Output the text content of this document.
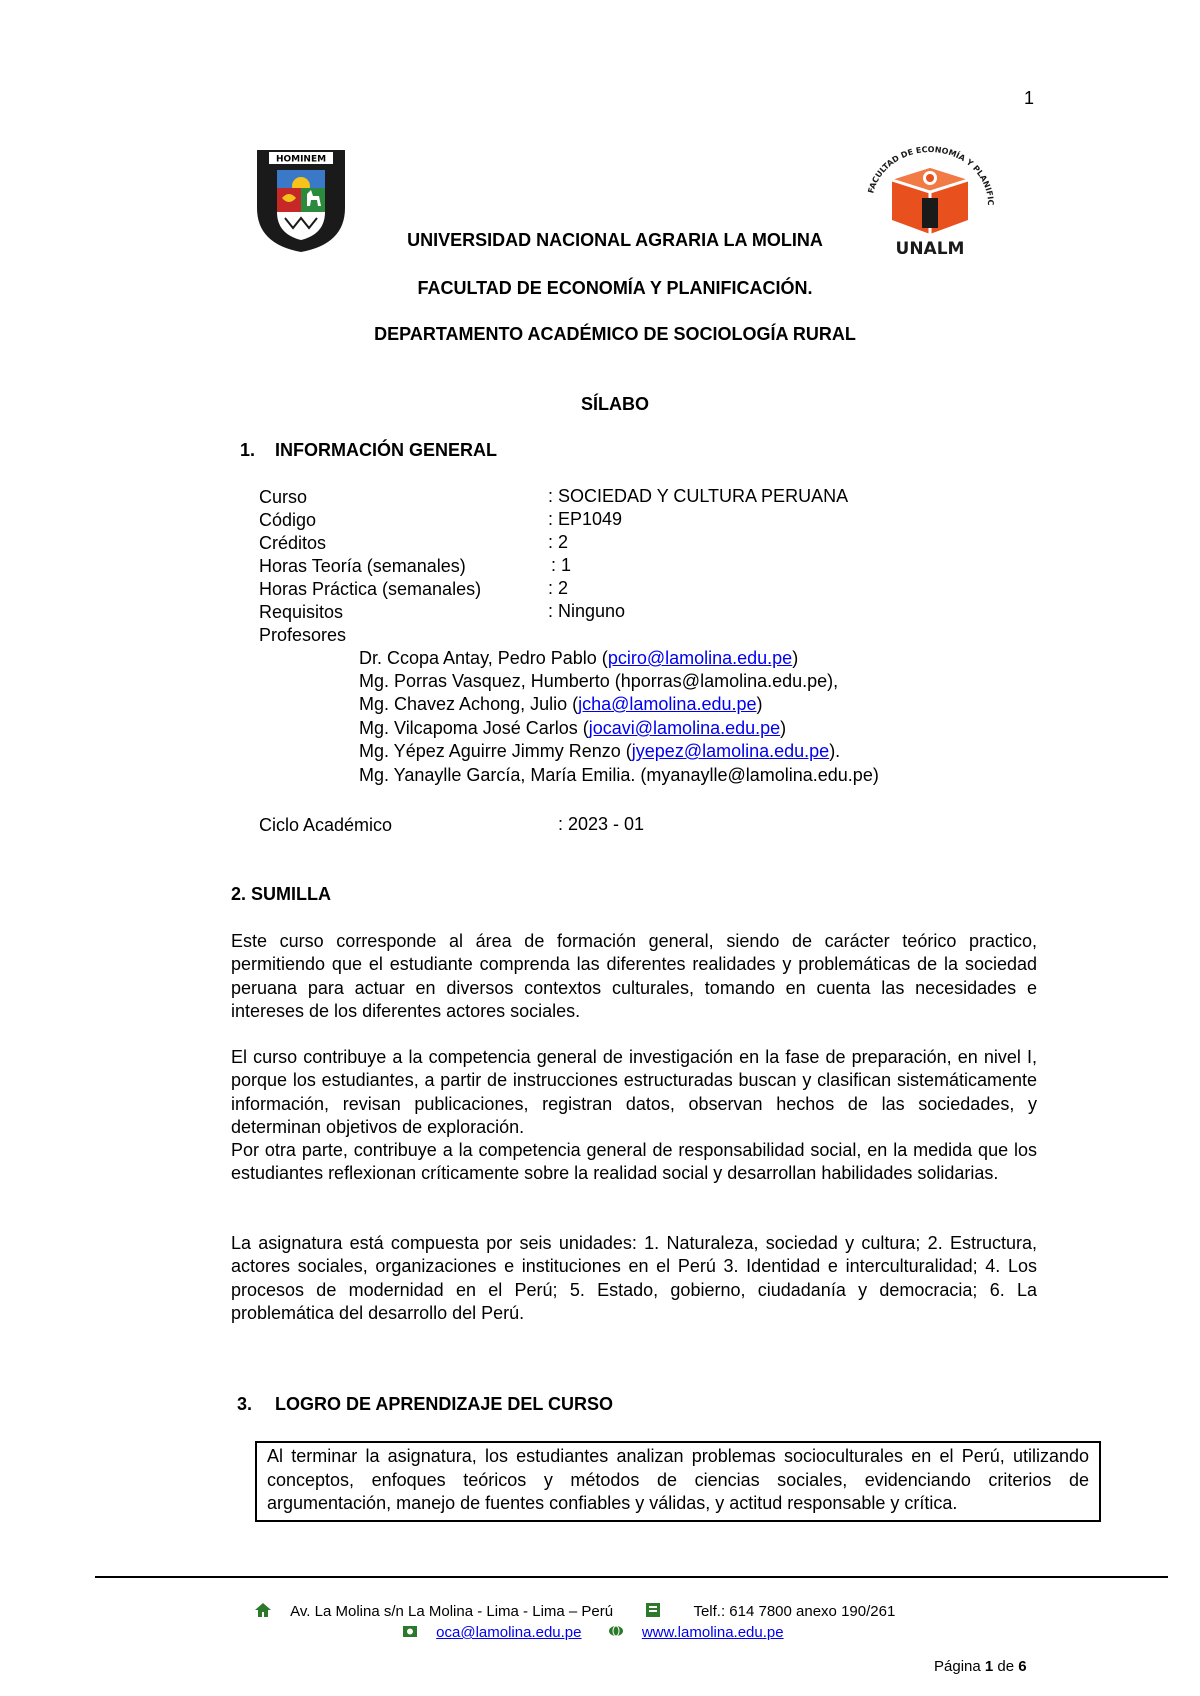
1
HOMINEM
FACULTAD DE ECONOMÍA Y PLANIFIC
UNALM
UNIVERSIDAD NACIONAL AGRARIA LA MOLINA
FACULTAD DE ECONOMÍA Y PLANIFICACIÓN.
DEPARTAMENTO ACADÉMICO DE SOCIOLOGÍA RURAL
SÍLABO
1. INFORMACIÓN GENERAL
Curso	: SOCIEDAD Y CULTURA PERUANA
Código	: EP1049
Créditos	: 2
Horas Teoría (semanales)	: 1
Horas Práctica (semanales)	: 2
Requisitos	: Ninguno
Profesores
Dr. Ccopa Antay, Pedro Pablo (pciro@lamolina.edu.pe)
Mg. Porras Vasquez, Humberto (hporras@lamolina.edu.pe),
Mg. Chavez Achong, Julio (jcha@lamolina.edu.pe)
Mg. Vilcapoma José Carlos (jocavi@lamolina.edu.pe)
Mg. Yépez Aguirre Jimmy Renzo (jyepez@lamolina.edu.pe).
Mg. Yanaylle García, María Emilia. (myanaylle@lamolina.edu.pe)
Ciclo Académico	: 2023 - 01
2. SUMILLA

Este curso corresponde al área de formación general, siendo de carácter teórico practico, permitiendo que el estudiante comprenda las diferentes realidades y problemáticas de la sociedad peruana para actuar en diversos contextos culturales, tomando en cuenta las necesidades e intereses de los diferentes actores sociales.

El curso contribuye a la competencia general de investigación en la fase de preparación, en nivel I, porque los estudiantes, a partir de instrucciones estructuradas buscan y clasifican sistemáticamente información, revisan publicaciones, registran datos, observan hechos de las sociedades, y determinan objetivos de exploración.

Por otra parte, contribuye a la competencia general de responsabilidad social, en la medida que los estudiantes reflexionan críticamente sobre la realidad social y desarrollan habilidades solidarias.

La asignatura está compuesta por seis unidades: 1. Naturaleza, sociedad y cultura; 2. Estructura, actores sociales, organizaciones e instituciones en el Perú 3. Identidad e interculturalidad; 4. Los procesos de modernidad en el Perú; 5. Estado, gobierno, ciudadanía y democracia; 6. La problemática del desarrollo del Perú.

3. LOGRO DE APRENDIZAJE DEL CURSO
Al terminar la asignatura, los estudiantes analizan problemas socioculturales en el Perú, utilizando conceptos, enfoques teóricos y métodos de ciencias sociales, evidenciando criterios de argumentación, manejo de fuentes confiables y válidas, y actitud responsable y crítica.
Av. La Molina s/n La Molina - Lima - Lima – Perú	Telf.: 614 7800 anexo 190/261
oca@lamolina.edu.pe	www.lamolina.edu.pe
Página 1 de 6
